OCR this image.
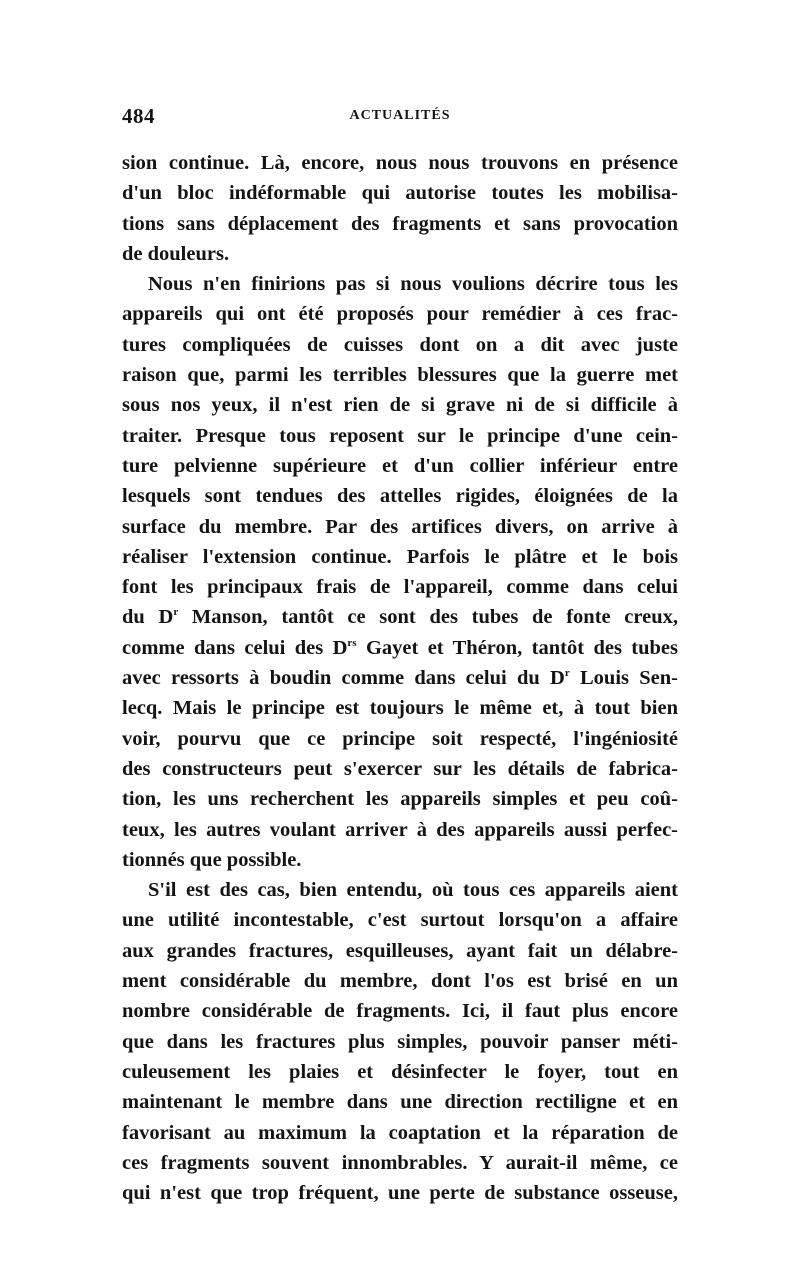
484	ACTUALITÉS
sion continue. Là, encore, nous nous trouvons en présence
d'un bloc indéformable qui autorise toutes les mobilisa-
tions sans déplacement des fragments et sans provocation
de douleurs.
Nous n'en finirions pas si nous voulions décrire tous les
appareils qui ont été proposés pour remédier à ces frac-
tures compliquées de cuisses dont on a dit avec juste
raison que, parmi les terribles blessures que la guerre met
sous nos yeux, il n'est rien de si grave ni de si difficile à
traiter. Presque tous reposent sur le principe d'une cein-
ture pelvienne supérieure et d'un collier inférieur entre
lesquels sont tendues des attelles rigides, éloignées de la
surface du membre. Par des artifices divers, on arrive à
réaliser l'extension continue. Parfois le plâtre et le bois
font les principaux frais de l'appareil, comme dans celui
du $D^r$ Manson, tantôt ce sont des tubes de fonte creux,
comme dans celui des $D^{rs}$ Gayet et Théron, tantôt des tubes
avec ressorts à boudin comme dans celui du $D^r$ Louis Sen-
lecq. Mais le principe est toujours le même et, à tout bien
voir, pourvu que ce principe soit respecté, l'ingéniosité
des constructeurs peut s'exercer sur les détails de fabrica-
tion, les uns recherchent les appareils simples et peu coû-
teux, les autres voulant arriver à des appareils aussi perfec-
tionnés que possible.
S'il est des cas, bien entendu, où tous ces appareils aient
une utilité incontestable, c'est surtout lorsqu'on a affaire
aux grandes fractures, esquilleuses, ayant fait un délabre-
ment considérable du membre, dont l'os est brisé en un
nombre considérable de fragments. Ici, il faut plus encore
que dans les fractures plus simples, pouvoir panser méti-
culeusement les plaies et désinfecter le foyer, tout en
maintenant le membre dans une direction rectiligne et en
favorisant au maximum la coaptation et la réparation de
ces fragments souvent innombrables. Y aurait-il même, ce
qui n'est que trop fréquent, une perte de substance osseuse,
